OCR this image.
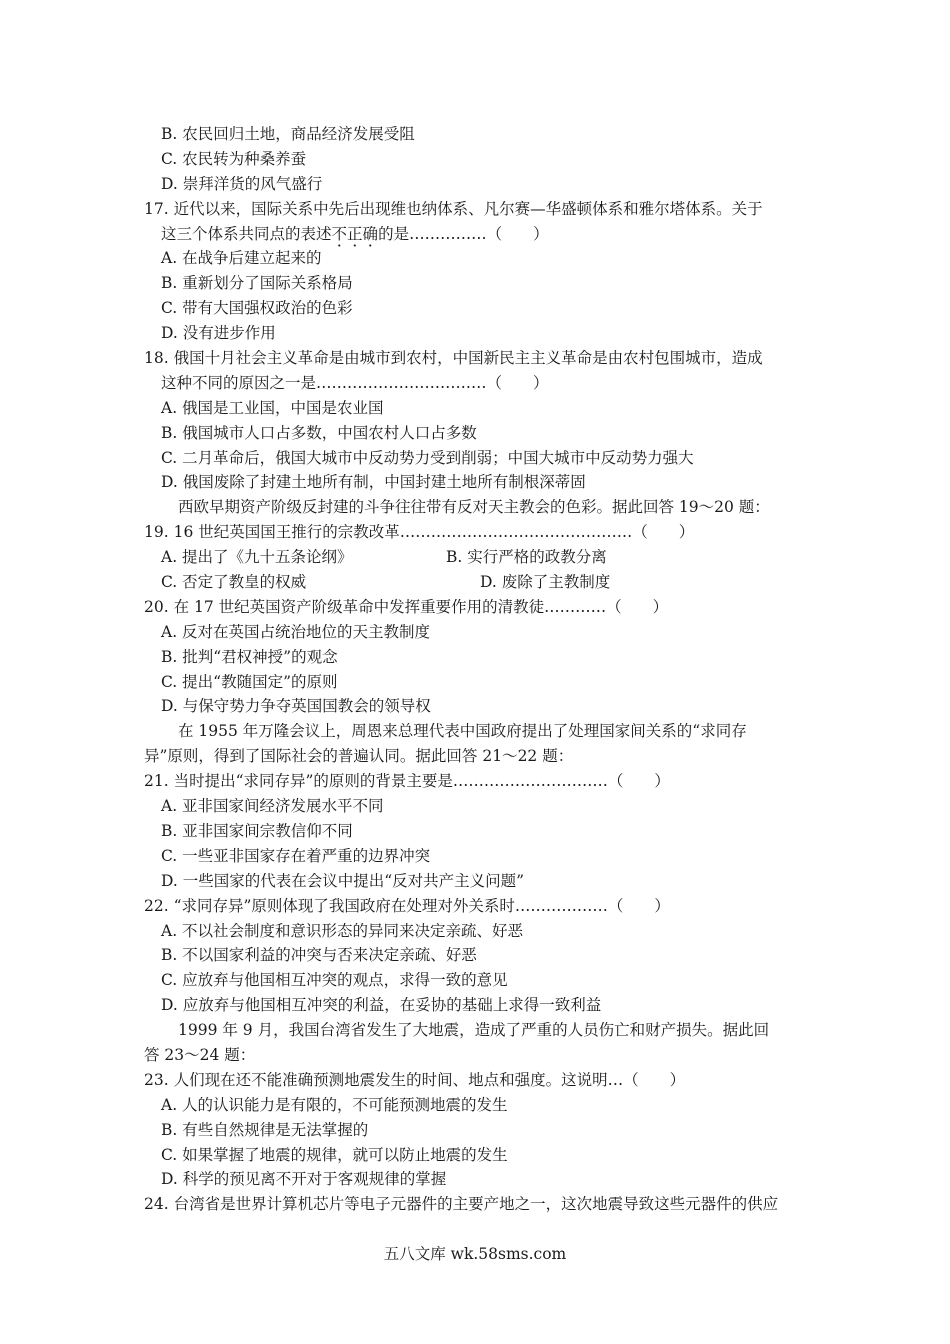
B. 农民回归土地，商品经济发展受阻
C. 农民转为种桑养蚕
D. 崇拜洋货的风气盛行
17. 近代以来，国际关系中先后出现维也纳体系、凡尔赛—华盛顿体系和雅尔塔体系。关于
这三个体系共同点的表述不正确的是……………（　　）
A. 在战争后建立起来的
B. 重新划分了国际关系格局
C. 带有大国强权政治的色彩
D. 没有进步作用
18. 俄国十月社会主义革命是由城市到农村，中国新民主主义革命是由农村包围城市，造成
这种不同的原因之一是……………………………（　　）
A. 俄国是工业国，中国是农业国
B. 俄国城市人口占多数，中国农村人口占多数
C. 二月革命后，俄国大城市中反动势力受到削弱；中国大城市中反动势力强大
D. 俄国废除了封建土地所有制，中国封建土地所有制根深蒂固
西欧早期资产阶级反封建的斗争往往带有反对天主教会的色彩。据此回答 19～20 题：
19. 16 世纪英国国王推行的宗教改革………………………………………（　　）
A. 提出了《九十五条论纲》	B. 实行严格的政教分离
C. 否定了教皇的权威	D. 废除了主教制度
20. 在 17 世纪英国资产阶级革命中发挥重要作用的清教徒…………（　　）
A. 反对在英国占统治地位的天主教制度
B. 批判“君权神授”的观念
C. 提出“教随国定”的原则
D. 与保守势力争夺英国国教会的领导权
在 1955 年万隆会议上，周恩来总理代表中国政府提出了处理国家间关系的“求同存
异”原则，得到了国际社会的普遍认同。据此回答 21～22 题：
21. 当时提出“求同存异”的原则的背景主要是…………………………（　　）
A. 亚非国家间经济发展水平不同
B. 亚非国家间宗教信仰不同
C. 一些亚非国家存在着严重的边界冲突
D. 一些国家的代表在会议中提出“反对共产主义问题”
22. “求同存异”原则体现了我国政府在处理对外关系时………………（　　）
A. 不以社会制度和意识形态的异同来决定亲疏、好恶
B. 不以国家利益的冲突与否来决定亲疏、好恶
C. 应放弃与他国相互冲突的观点，求得一致的意见
D. 应放弃与他国相互冲突的利益，在妥协的基础上求得一致利益
1999 年 9 月，我国台湾省发生了大地震，造成了严重的人员伤亡和财产损失。据此回
答 23～24 题：
23. 人们现在还不能准确预测地震发生的时间、地点和强度。这说明…（　　）
A. 人的认识能力是有限的，不可能预测地震的发生
B. 有些自然规律是无法掌握的
C. 如果掌握了地震的规律，就可以防止地震的发生
D. 科学的预见离不开对于客观规律的掌握
24. 台湾省是世界计算机芯片等电子元器件的主要产地之一，这次地震导致这些元器件的供应
五八文库 wk.58sms.com
